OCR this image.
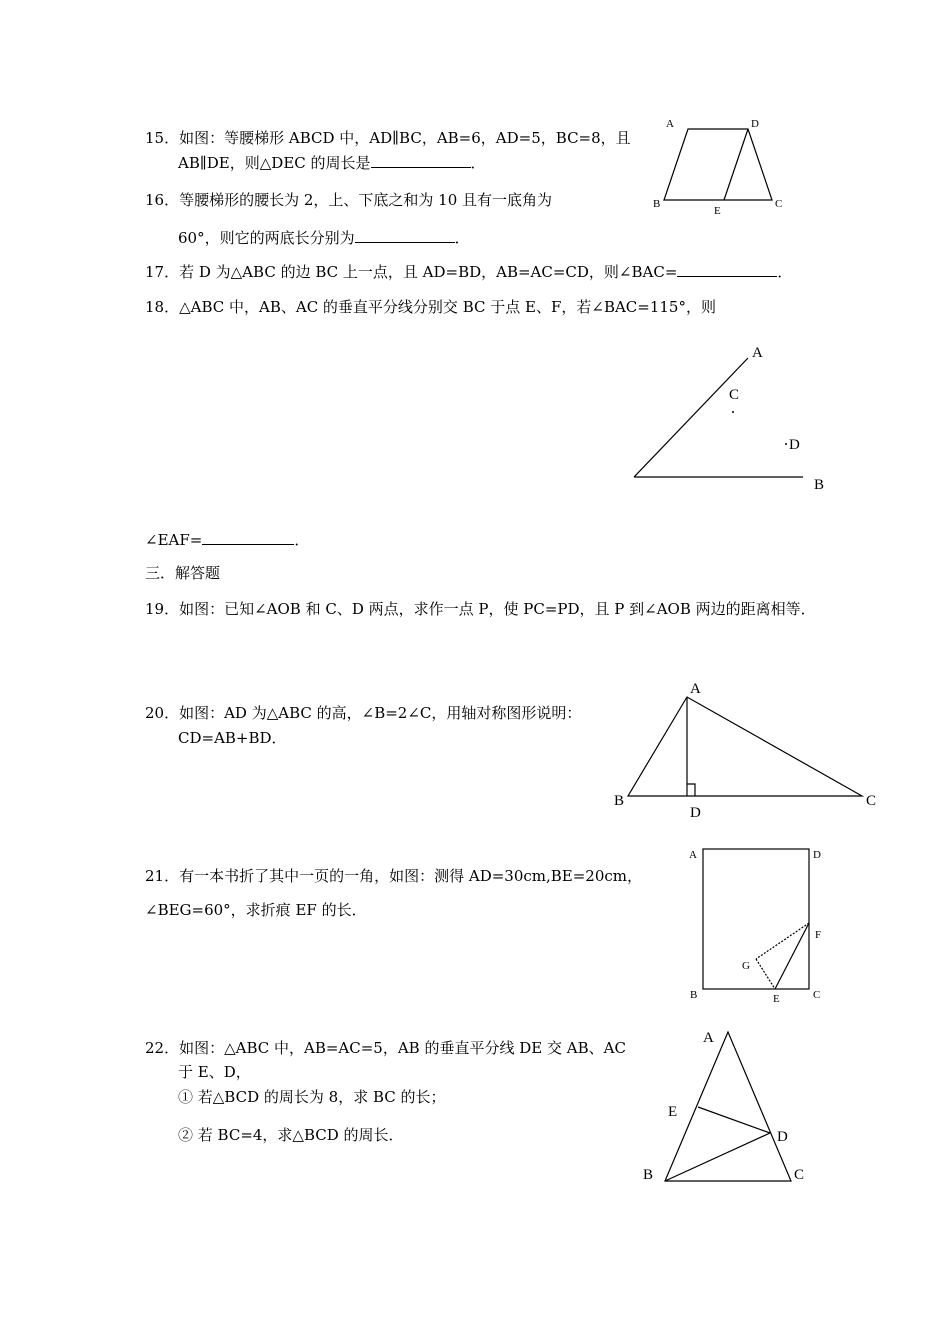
15．如图：等腰梯形 ABCD 中，AD∥BC，AB=6，AD=5，BC=8，且
AB∥DE，则△DEC 的周长是	．
16．等腰梯形的腰长为 2，上、下底之和为 10 且有一底角为
60°，则它的两底长分别为	．
17．若 D 为△ABC 的边 BC 上一点，且 AD=BD，AB=AC=CD，则∠BAC=	．
18．△ABC 中，AB、AC 的垂直平分线分别交 BC 于点 E、F，若∠BAC=115°，则
∠EAF=	．
三．解答题
19．如图：已知∠AOB 和 C、D 两点，求作一点 P，使 PC=PD，且 P 到∠AOB 两边的距离相等．
20．如图：AD 为△ABC 的高，∠B=2∠C，用轴对称图形说明：
CD=AB+BD．
21．有一本书折了其中一页的一角，如图：测得 AD=30cm,BE=20cm，
∠BEG=60°，求折痕 EF 的长．
22．如图：△ABC 中，AB=AC=5，AB 的垂直平分线 DE 交 AB、AC
于 E、D，
① 若△BCD 的周长为 8，求 BC 的长；
② 若 BC=4，求△BCD 的周长．
A	D
B
E
C
A
C
D
B
A
B
D
C
A	D
F
G
B	E	C
A
E
D
B	C
